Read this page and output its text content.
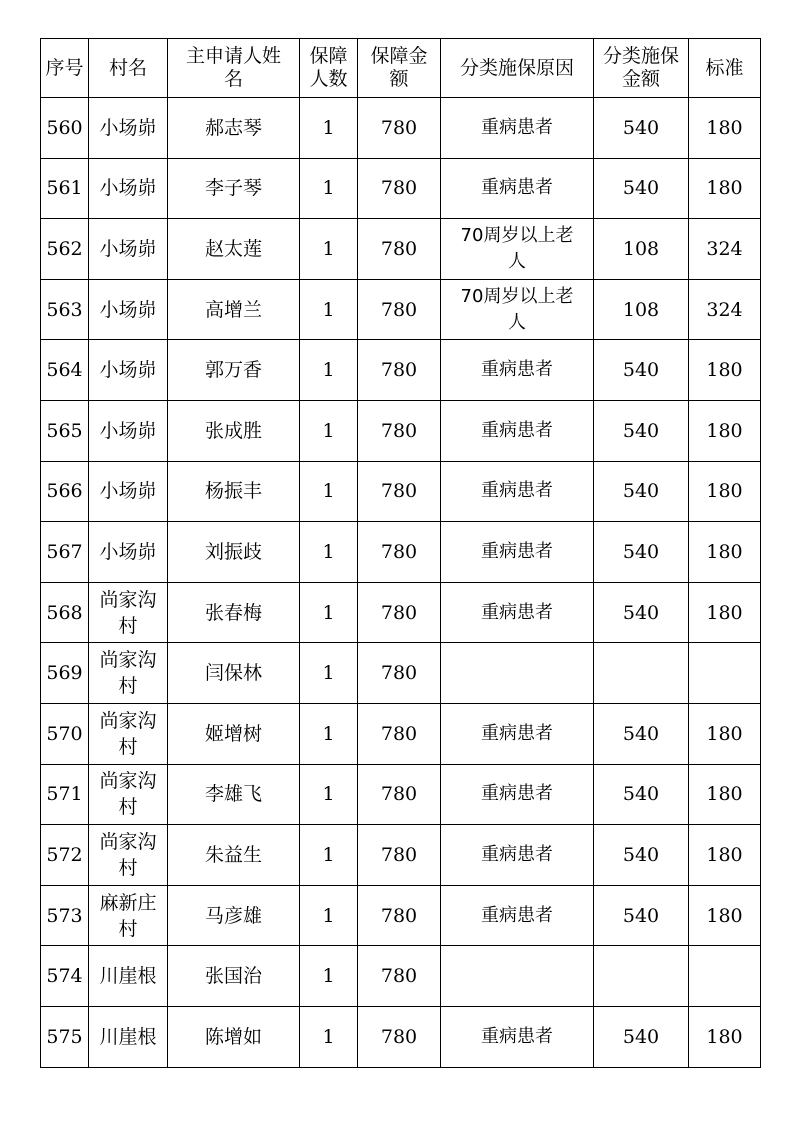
序号	村名	主申请人姓名	保障人数	保障金额	分类施保原因	分类施保金额	标准
560	小场峁	郝志琴	1	780	重病患者	540	180
561	小场峁	李子琴	1	780	重病患者	540	180
562	小场峁	赵太莲	1	780	70周岁以上老人	108	324
563	小场峁	高增兰	1	780	70周岁以上老人	108	324
564	小场峁	郭万香	1	780	重病患者	540	180
565	小场峁	张成胜	1	780	重病患者	540	180
566	小场峁	杨振丰	1	780	重病患者	540	180
567	小场峁	刘振歧	1	780	重病患者	540	180
568	尚家沟村	张春梅	1	780	重病患者	540	180
569	尚家沟村	闫保林	1	780			
570	尚家沟村	姬增树	1	780	重病患者	540	180
571	尚家沟村	李雄飞	1	780	重病患者	540	180
572	尚家沟村	朱益生	1	780	重病患者	540	180
573	麻新庄村	马彦雄	1	780	重病患者	540	180
574	川崖根	张国治	1	780			
575	川崖根	陈增如	1	780	重病患者	540	180
